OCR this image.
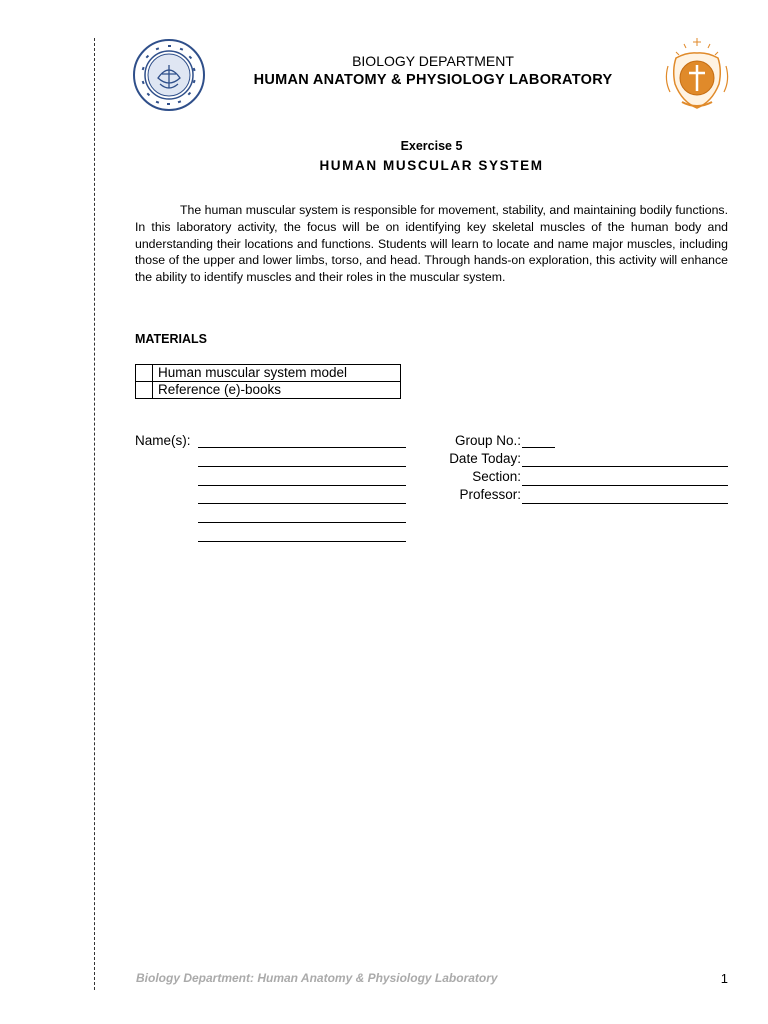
BIOLOGY DEPARTMENT
HUMAN ANATOMY & PHYSIOLOGY LABORATORY
Exercise 5
HUMAN MUSCULAR SYSTEM

The human muscular system is responsible for movement, stability, and maintaining bodily functions. In this laboratory activity, the focus will be on identifying key skeletal muscles of the human body and understanding their locations and functions. Students will learn to locate and name major muscles, including those of the upper and lower limbs, torso, and head. Through hands-on exploration, this activity will enhance the ability to identify muscles and their roles in the muscular system.

MATERIALS
	Human muscular system model
	Reference (e)-books
Name(s):	Group No.:
Date Today:
Section:
Professor:
Biology Department: Human Anatomy & Physiology Laboratory	1
